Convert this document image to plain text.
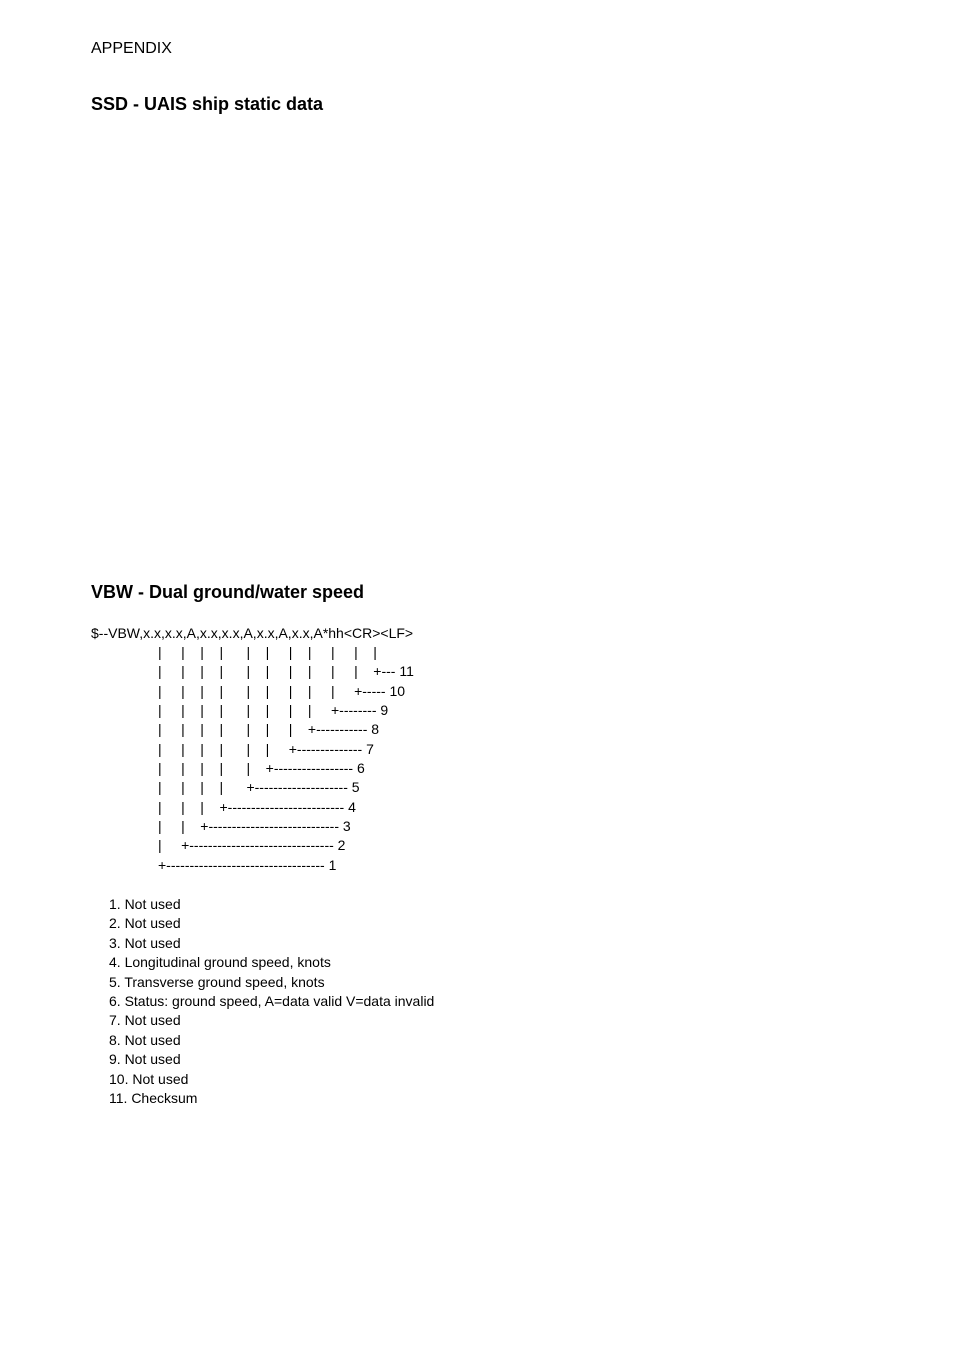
APPENDIX
SSD - UAIS ship static data
VBW - Dual ground/water speed
$--VBW,x.x,x.x,A,x.x,x.x,A,x.x,A,x.x,A*hh<CR><LF>
|     |    |    |      |    |     |    |     |     |    |
|     |    |    |      |    |     |    |     |     |    +--- 11
|     |    |    |      |    |     |    |     |     +----- 10
|     |    |    |      |    |     |    |     +-------- 9
|     |    |    |      |    |     |    +----------- 8
|     |    |    |      |    |     +-------------- 7
|     |    |    |      |    +----------------- 6
|     |    |    |      +-------------------- 5
|     |    |    +------------------------- 4
|     |    +---------------------------- 3
|     +------------------------------- 2
+---------------------------------- 1
1. Not used
2. Not used
3. Not used
4. Longitudinal ground speed, knots
5. Transverse ground speed, knots
6. Status: ground speed, A=data valid V=data invalid
7. Not used
8. Not used
9. Not used
10. Not used
11. Checksum
